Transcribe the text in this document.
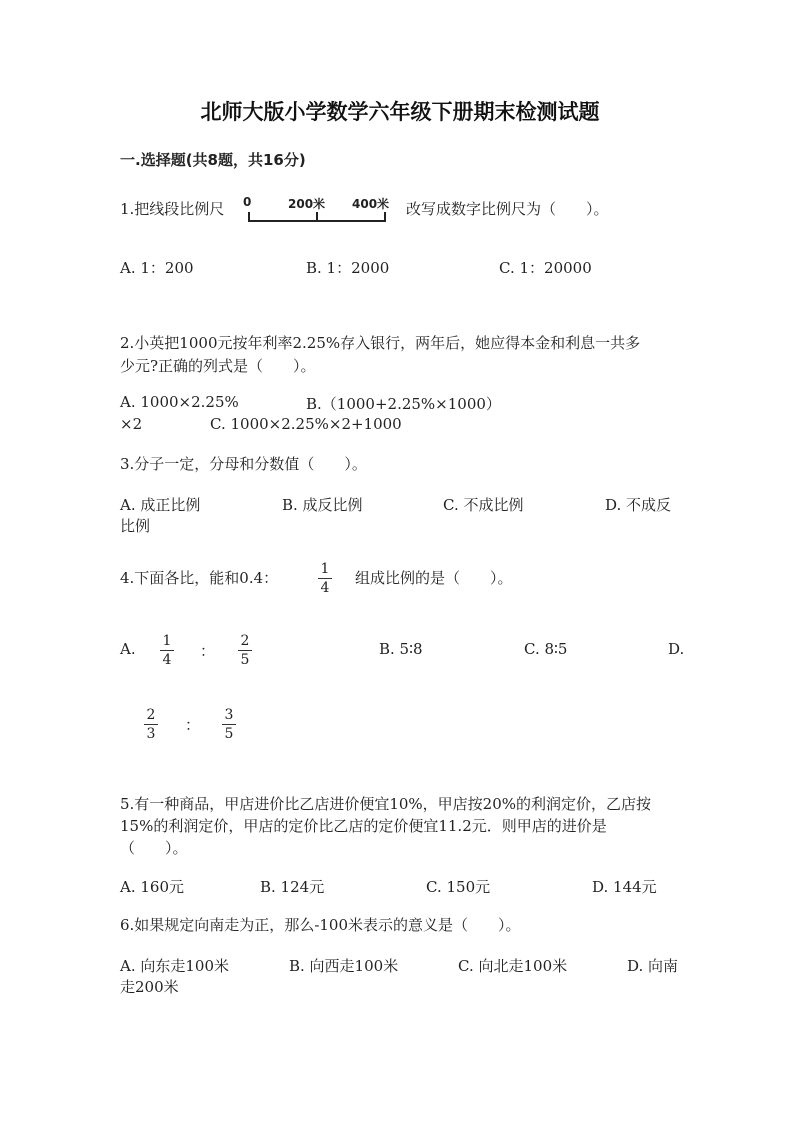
北师大版小学数学六年级下册期末检测试题
一.选择题(共8题，共16分)
1.把线段比例尺 0	200米 400米 改写成数字比例尺为（　　）。
A. 1：200	B. 1：2000	C. 1：20000
2.小英把1000元按年利率2.25%存入银行，两年后，她应得本金和利息一共多
少元?正确的列式是（　　）。
A. 1000×2.25%	B.（1000+2.25%×1000）
×2	C. 1000×2.25%×2+1000
3.分子一定，分母和分数值（　　）。
A. 成正比例	B. 成反比例	C. 不成比例	D. 不成反
比例
4.下面各比，能和0.4：	1
4
组成比例的是（　　）。
A. 1
4 ：
2
5
B. 5∶8	C. 8∶5	D.
2
3 ：
3
5
5.有一种商品，甲店进价比乙店进价便宜10%，甲店按20%的利润定价，乙店按
15%的利润定价，甲店的定价比乙店的定价便宜11.2元．则甲店的进价是
（　　）。
A. 160元	B. 124元	C. 150元	D. 144元
6.如果规定向南走为正，那么-100米表示的意义是（　　）。
A. 向东走100米	B. 向西走100米	C. 向北走100米	D. 向南
走200米
